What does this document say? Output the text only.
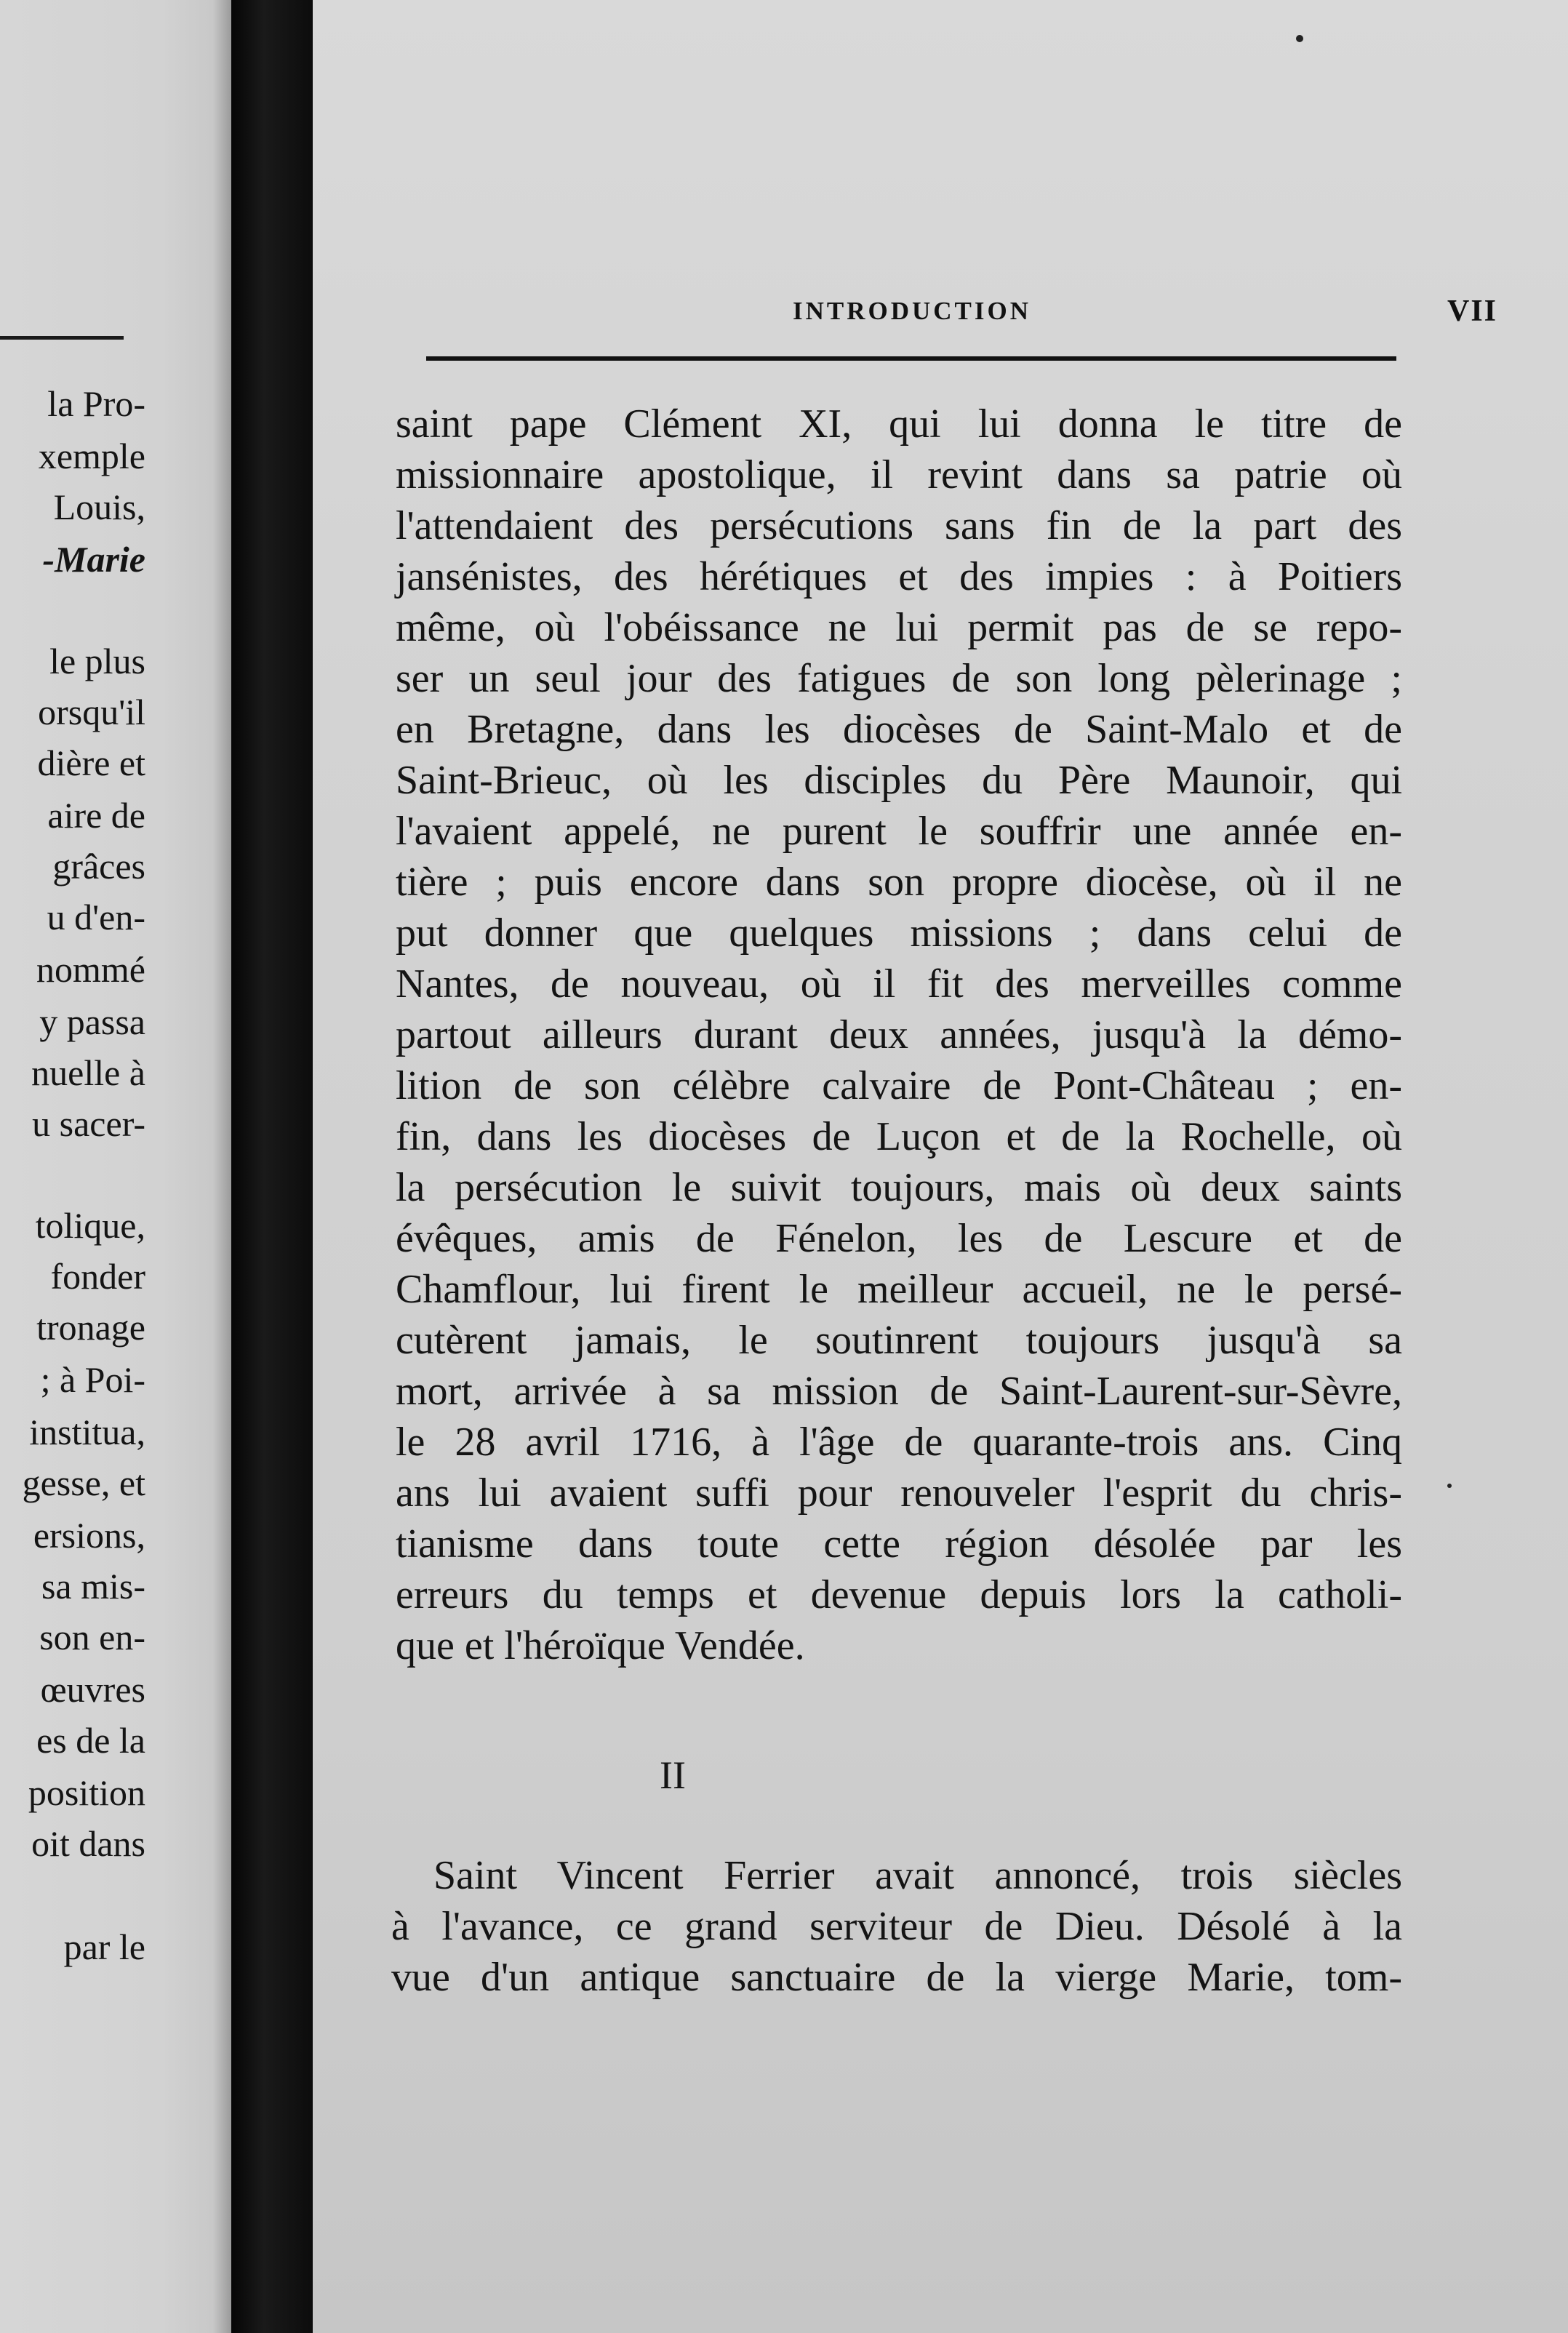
la Pro-
xemple
Louis,
-Marie
le plus
orsqu'il
dière et
aire de
grâces
u d'en-
nommé
y passa
nuelle à
u sacer-
tolique,
fonder
tronage
; à Poi-
institua,
gesse, et
ersions,
sa mis-
son en-
œuvres
es de la
position
oit dans
par le
INTRODUCTION	VII
saint pape Clément XI, qui lui donna le titre de
missionnaire apostolique, il revint dans sa patrie où
l'attendaient des persécutions sans fin de la part des
jansénistes, des hérétiques et des impies : à Poitiers
même, où l'obéissance ne lui permit pas de se repo-
ser un seul jour des fatigues de son long pèlerinage ;
en Bretagne, dans les diocèses de Saint-Malo et de
Saint-Brieuc, où les disciples du Père Maunoir, qui
l'avaient appelé, ne purent le souffrir une année en-
tière ; puis encore dans son propre diocèse, où il ne
put donner que quelques missions ; dans celui de
Nantes, de nouveau, où il fit des merveilles comme
partout ailleurs durant deux années, jusqu'à la démo-
lition de son célèbre calvaire de Pont-Château ; en-
fin, dans les diocèses de Luçon et de la Rochelle, où
la persécution le suivit toujours, mais où deux saints
évêques, amis de Fénelon, les de Lescure et de
Chamflour, lui firent le meilleur accueil, ne le persé-
cutèrent jamais, le soutinrent toujours jusqu'à sa
mort, arrivée à sa mission de Saint-Laurent-sur-Sèvre,
le 28 avril 1716, à l'âge de quarante-trois ans. Cinq
ans lui avaient suffi pour renouveler l'esprit du chris-
tianisme dans toute cette région désolée par les
erreurs du temps et devenue depuis lors la catholi-
que et l'héroïque Vendée.
II
Saint Vincent Ferrier avait annoncé, trois siècles
à l'avance, ce grand serviteur de Dieu. Désolé à la
vue d'un antique sanctuaire de la vierge Marie, tom-
